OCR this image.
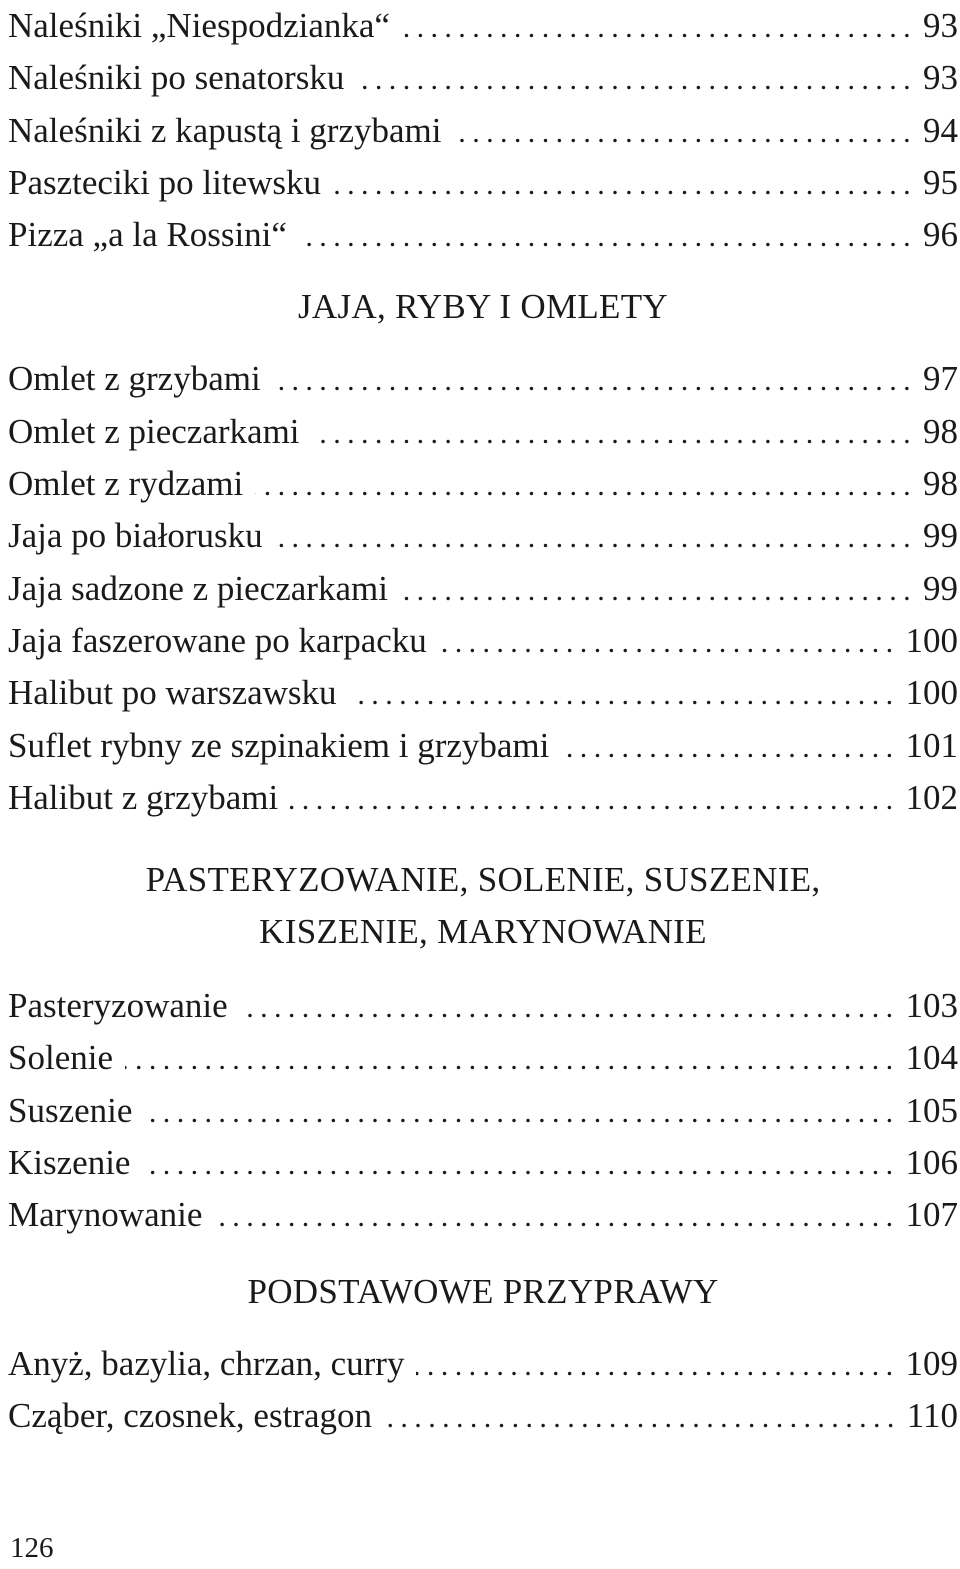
Naleśniki „Niespodzianka“ .....	93
Naleśniki po senatorsku .....	93
Naleśniki z kapustą i grzybami .....	94
Paszteciki po litewsku .....	95
Pizza „a la Rossini“ .....	96
JAJA, RYBY I OMLETY
Omlet z grzybami .....	97
Omlet z pieczarkami .....	98
Omlet z rydzami .....	98
Jaja po białorusku .....	99
Jaja sadzone z pieczarkami .....	99
Jaja faszerowane po karpacku .....	100
Halibut po warszawsku .....	100
Suflet rybny ze szpinakiem i grzybami .....	101
Halibut z grzybami .....	102
PASTERYZOWANIE, SOLENIE, SUSZENIE,
KISZENIE, MARYNOWANIE
Pasteryzowanie .....	103
Solenie .....	104
Suszenie .....	105
Kiszenie .....	106
Marynowanie .....	107
PODSTAWOWE PRZYPRAWY
Anyż, bazylia, chrzan, curry .....	109
Cząber, czosnek, estragon .....	110
126
